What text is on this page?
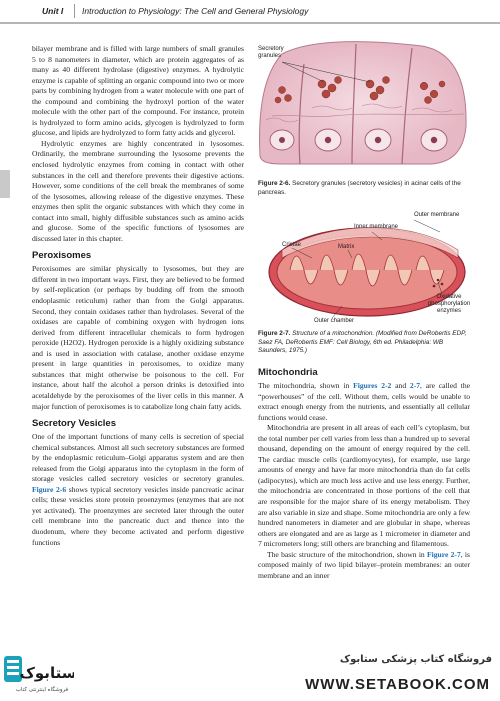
Unit I Introduction to Physiology: The Cell and General Physiology

bilayer membrane and is filled with large numbers of small granules 5 to 8 nanometers in diameter, which are protein aggregates of as many as 40 different hydrolase (digestive) enzymes. A hydrolytic enzyme is capable of splitting an organic compound into two or more parts by combining hydrogen from a water molecule with one part of the compound and combining the hydroxyl portion of the water molecule with the other part of the compound. For instance, protein is hydrolyzed to form amino acids, glycogen is hydrolyzed to form glucose, and lipids are hydrolyzed to form fatty acids and glycerol.

Hydrolytic enzymes are highly concentrated in lysosomes. Ordinarily, the membrane surrounding the lysosome prevents the enclosed hydrolytic enzymes from coming in contact with other substances in the cell and therefore prevents their digestive actions. However, some conditions of the cell break the membranes of some of the lysosomes, allowing release of the digestive enzymes. These enzymes then split the organic substances with which they come in contact into small, highly diffusible substances such as amino acids and glucose. Some of the specific functions of lysosomes are discussed later in this chapter.

Peroxisomes

Peroxisomes are similar physically to lysosomes, but they are different in two important ways. First, they are believed to be formed by self-replication (or perhaps by budding off from the smooth endoplasmic reticulum) rather than from the Golgi apparatus. Second, they contain oxidases rather than hydrolases. Several of the oxidases are capable of combining oxygen with hydrogen ions derived from different intracellular chemicals to form hydrogen peroxide (H2O2). Hydrogen peroxide is a highly oxidizing substance and is used in association with catalase, another oxidase enzyme present in large quantities in peroxisomes, to oxidize many substances that might otherwise be poisonous to the cell. For instance, about half the alcohol a person drinks is detoxified into acetaldehyde by the peroxisomes of the liver cells in this manner. A major function of peroxisomes is to catabolize long chain fatty acids.

Secretory Vesicles

One of the important functions of many cells is secretion of special chemical substances. Almost all such secretory substances are formed by the endoplasmic reticulum–Golgi apparatus system and are then released from the Golgi apparatus into the cytoplasm in the form of storage vesicles called secretory vesicles or secretory granules. Figure 2-6 shows typical secretory vesicles inside pancreatic acinar cells; these vesicles store protein proenzymes (enzymes that are not yet activated). The proenzymes are secreted later through the outer cell membrane into the pancreatic duct and thence into the duodenum, where they become activated and perform digestive functions

Secretory granules
Figure 2-6. Secretory granules (secretory vesicles) in acinar cells of the pancreas.
Outer membrane
Inner membrane
Cristae	Matrix
Outer chamber
Oxidative phosphorylation enzymes
Figure 2-7. Structure of a mitochondrion. (Modified from DeRobertis EDP, Saez FA, DeRobertis EMF: Cell Biology, 6th ed. Philadelphia: WB Saunders, 1975.)
Mitochondria

The mitochondria, shown in Figures 2-2 and 2-7, are called the “powerhouses” of the cell. Without them, cells would be unable to extract enough energy from the nutrients, and essentially all cellular functions would cease.

Mitochondria are present in all areas of each cell’s cytoplasm, but the total number per cell varies from less than a hundred up to several thousand, depending on the amount of energy required by the cell. The cardiac muscle cells (cardiomyocytes), for example, use large amounts of energy and have far more mitochondria than do fat cells (adipocytes), which are much less active and use less energy. Further, the mitochondria are concentrated in those portions of the cell that are responsible for the major share of its energy metabolism. They are also variable in size and shape. Some mitochondria are only a few hundred nanometers in diameter and are globular in shape, whereas others are elongated and are as large as 1 micrometer in diameter and 7 micrometers long; still others are branching and filamentous.

The basic structure of the mitochondrion, shown in Figure 2-7, is composed mainly of two lipid bilayer–protein membranes: an outer membrane and an inner

ستابوک
فروشگاه اینترنتی کتاب
فروشگاه کتاب پزشکی ستابوک
WWW.SETABOOK.COM
